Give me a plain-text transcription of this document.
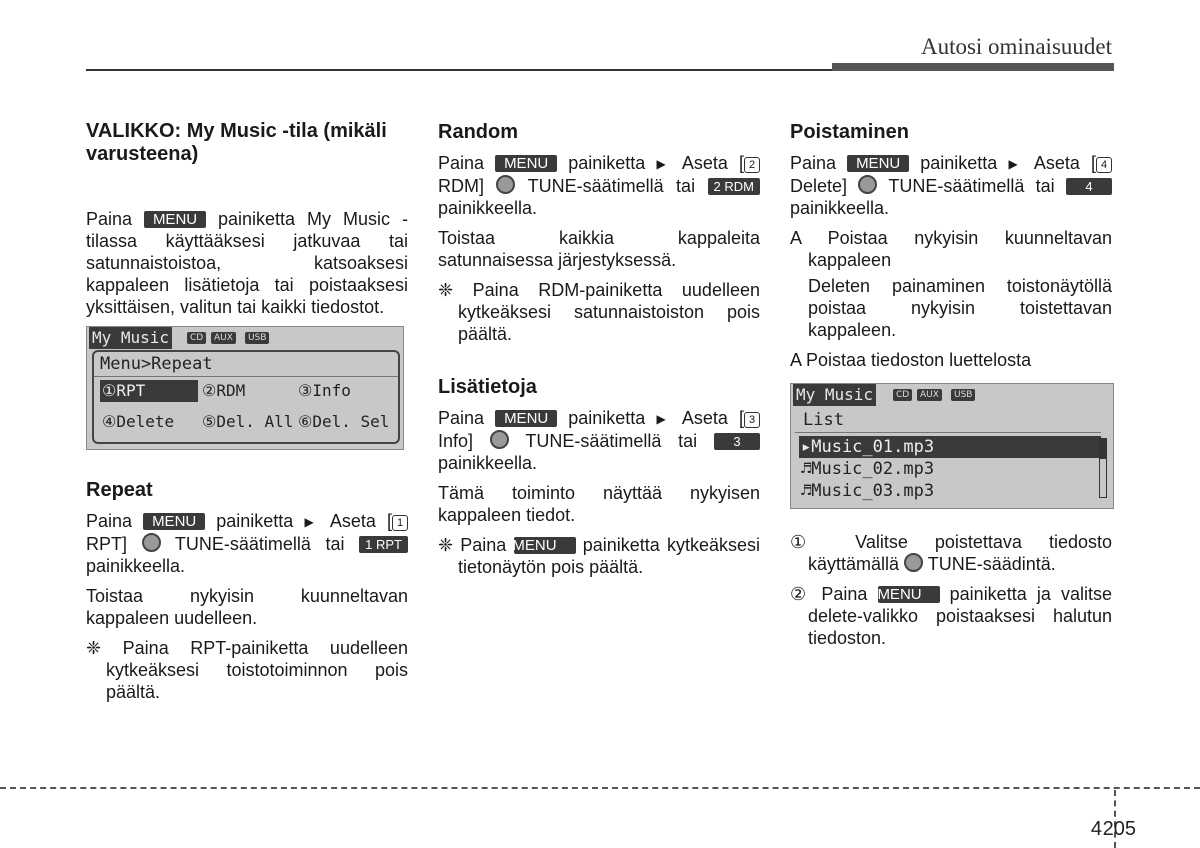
Autosi ominaisuudet
VALIKKO: My Music -tila (mikäli varusteena)

Paina MENU painiketta My Music -tilassa käyttääksesi jatkuvaa tai satunnaistoistoa, katsoaksesi kappaleen lisätietoja tai poistaaksesi yksittäisen, valitun tai kaikki tiedostot.

My Music	CD	AUX	USB
Menu>Repeat
①RPT	②RDM	③Info
④Delete ⑤Del. All ⑥Del. Sel
Repeat

Paina MENU painiketta ▶ Aseta [ 1 RPT]	TUNE-säätimellä tai 1 RPT painikkeella.

Toistaa nykyisin kuunneltavan kappaleen uudelleen.

❈ Paina RPT-painiketta uudelleen kytkeäksesi toistotoiminnon pois päältä.

Random

Paina MENU painiketta ▶ Aseta [ 2 RDM] TUNE-säätimellä tai 2 RDM painikkeella.

Toistaa kaikkia kappaleita satunnaisessa järjestyksessä.

❈ Paina RDM-painiketta uudelleen kytkeäksesi satunnaistoiston pois päältä.

Lisätietoja

Paina MENU painiketta ▶ Aseta [ 3 Info]	TUNE-säätimellä tai	3 painikkeella.

Tämä toiminto näyttää nykyisen kappaleen tiedot.

❈ Paina MENU painiketta kytkeäksesi tietonäytön pois päältä.

Poistaminen

Paina MENU painiketta ▶ Aseta [ 4 Delete] TUNE-säätimellä tai 4 painikkeella.

A Poistaa nykyisin kuunneltavan kappaleen

Deleten painaminen toistonäytöllä poistaa nykyisin toistettavan kappaleen.

A Poistaa tiedoston luettelosta

My Music	CD	AUX	USB
List
▸Music_01.mp3
♬Music_02.mp3
♬Music_03.mp3

① Valitse poistettava tiedosto käyttämällä TUNE-säädintä.

② Paina MENU painiketta ja valitse delete-valikko poistaaksesi halutun tiedoston.

4 205
